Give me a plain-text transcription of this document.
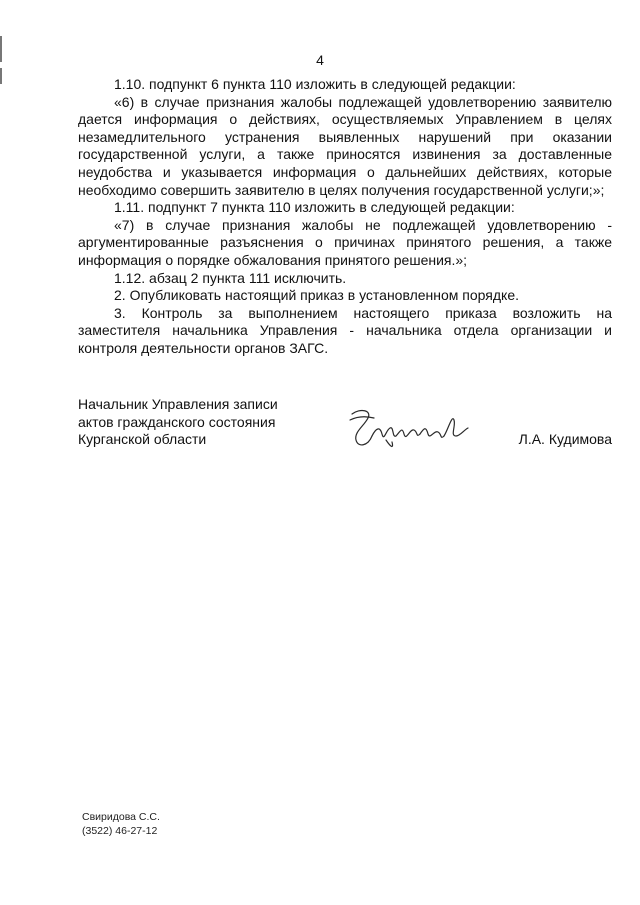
4

1.10. подпункт 6 пункта 110 изложить в следующей редакции:

«6) в случае признания жалобы подлежащей удовлетворению заявителю дается информация о действиях, осуществляемых Управлением в целях незамедлительного устранения выявленных нарушений при оказании государственной услуги, а также приносятся извинения за доставленные неудобства и указывается информация о дальнейших действиях, которые необходимо совершить заявителю в целях получения государственной услуги;»;

1.11. подпункт 7 пункта 110 изложить в следующей редакции:

«7) в случае признания жалобы не подлежащей удовлетворению - аргументированные разъяснения о причинах принятого решения, а также информация о порядке обжалования принятого решения.»;

1.12. абзац 2 пункта 111 исключить.

2. Опубликовать настоящий приказ в установленном порядке.

3. Контроль за выполнением настоящего приказа возложить на заместителя начальника Управления - начальника отдела организации и контроля деятельности органов ЗАГС.

Начальник Управления записи
актов гражданского состояния
Курганской области	Л.А. Кудимова
Свиридова С.С.
(3522) 46-27-12
